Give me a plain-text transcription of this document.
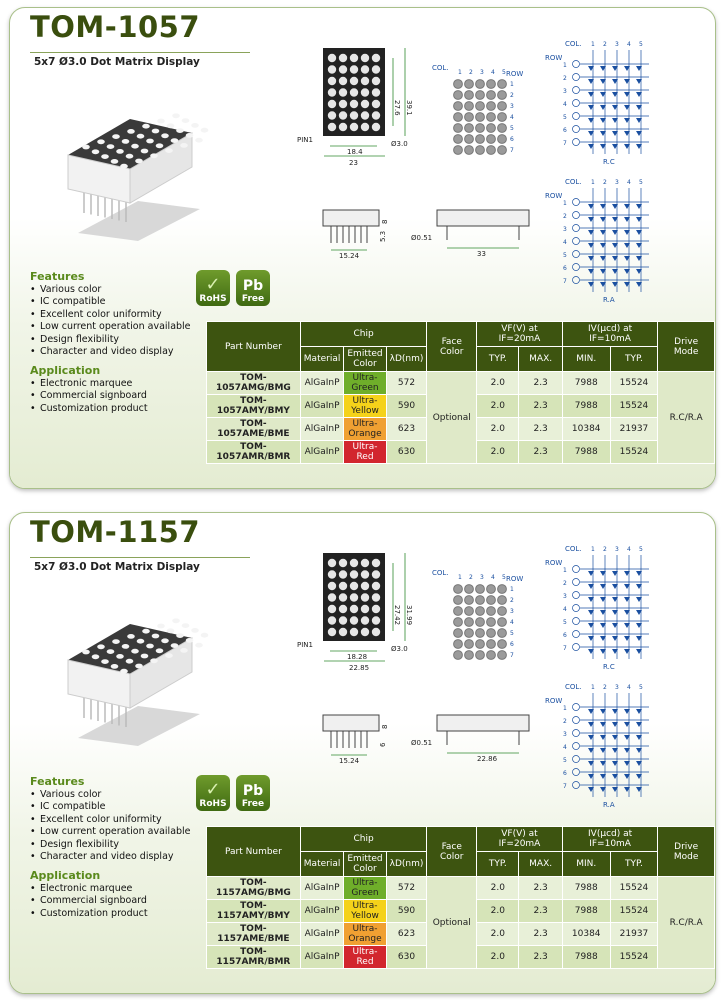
TOM-1057
5x7 Ø3.0 Dot Matrix Display
Features
• Various color
• IC compatible
• Excellent color uniformity
• Low current operation available
• Design flexibility
• Character and video display
Application
• Electronic marquee
• Commercial signboard
• Customization product
✓
RoHS
Pb
Free
18.4
23
27.6 39.1
Ø3.0
PIN1
15.24
8
5.3
33
Ø0.51
COL.
ROW
1 2 3 4 5
1
2
3
4
5
6
7
COL.
ROW
1 2 3 4 5
1
2
3
4
5
6
7
R.C
COL.
ROW
1 2 3 4 5
1
2
3
4
5
6
7
R.A
Part Number	Chip			Face Color	VF(V) at IF=20mA		IV(μcd) at IF=10mA		Drive Mode
	Material	Emitted Color	λD(nm)		TYP.	MAX.	MIN.	TYP.	
TOM-1057AMG/BMG	AlGaInP	Ultra-Green	572	Optional	2.0	2.3	7988	15524	R.C/R.A
TOM-1057AMY/BMY	AlGaInP	Ultra-Yellow	590		2.0	2.3	7988	15524	
TOM-1057AME/BME	AlGaInP	Ultra-Orange	623		2.0	2.3	10384	21937	
TOM-1057AMR/BMR	AlGaInP	Ultra-Red	630		2.0	2.3	7988	15524	
TOM-1157
5x7 Ø3.0 Dot Matrix Display
Features
• Various color
• IC compatible
• Excellent color uniformity
• Low current operation available
• Design flexibility
• Character and video display
Application
• Electronic marquee
• Commercial signboard
• Customization product
✓
RoHS
Pb
Free
18.28
22.85
27.42 31.99
Ø3.0
PIN1
15.24
8
6
22.86
Ø0.51
COL.
ROW
1 2 3 4 5
1
2
3
4
5
6
7
COL.
ROW
1 2 3 4 5
1
2
3
4
5
6
7
R.C
COL.
ROW
1 2 3 4 5
1
2
3
4
5
6
7
R.A
Part Number	Chip			Face Color	VF(V) at IF=20mA		IV(μcd) at IF=10mA		Drive Mode
	Material	Emitted Color	λD(nm)		TYP.	MAX.	MIN.	TYP.	
TOM-1157AMG/BMG	AlGaInP	Ultra-Green	572	Optional	2.0	2.3	7988	15524	R.C/R.A
TOM-1157AMY/BMY	AlGaInP	Ultra-Yellow	590		2.0	2.3	7988	15524	
TOM-1157AME/BME	AlGaInP	Ultra-Orange	623		2.0	2.3	10384	21937	
TOM-1157AMR/BMR	AlGaInP	Ultra-Red	630		2.0	2.3	7988	15524	
